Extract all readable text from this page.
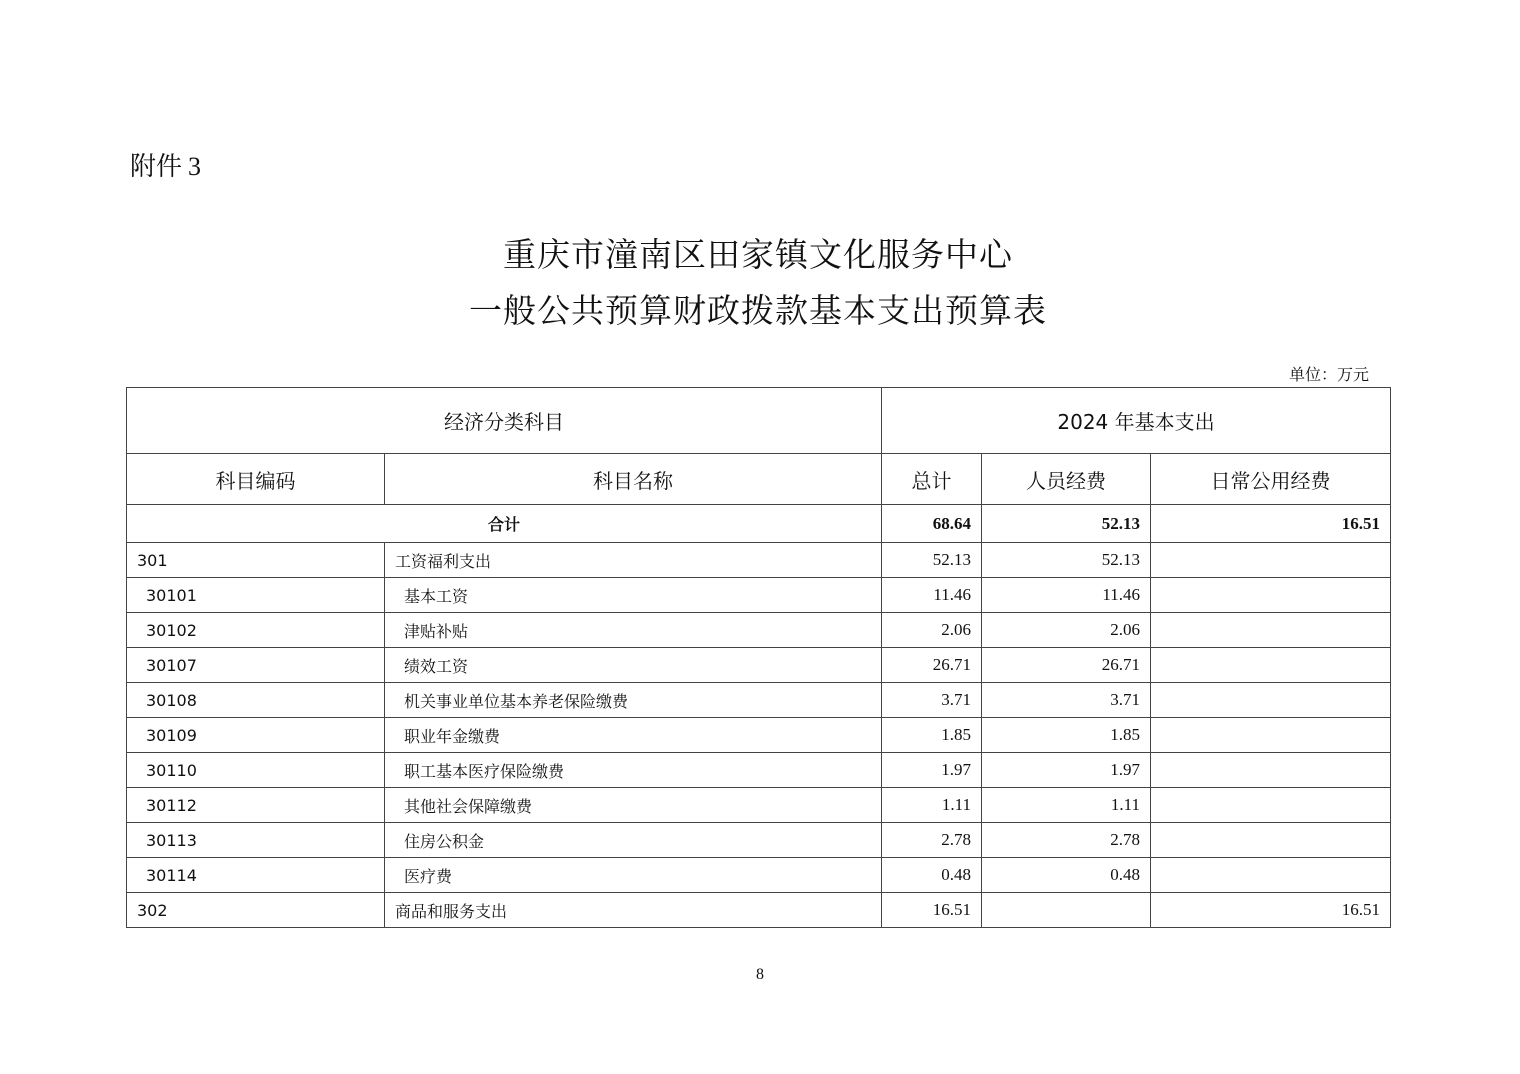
附件 3
重庆市潼南区田家镇文化服务中心
一般公共预算财政拨款基本支出预算表
单位：万元
经济分类科目		2024 年基本支出		
科目编码	科目名称	总计	人员经费	日常公用经费
合计		68.64	52.13	16.51
301	工资福利支出	52.13	52.13	
30101	基本工资	11.46	11.46	
30102	津贴补贴	2.06	2.06	
30107	绩效工资	26.71	26.71	
30108	机关事业单位基本养老保险缴费	3.71	3.71	
30109	职业年金缴费	1.85	1.85	
30110	职工基本医疗保险缴费	1.97	1.97	
30112	其他社会保障缴费	1.11	1.11	
30113	住房公积金	2.78	2.78	
30114	医疗费	0.48	0.48	
302	商品和服务支出	16.51		16.51
8
